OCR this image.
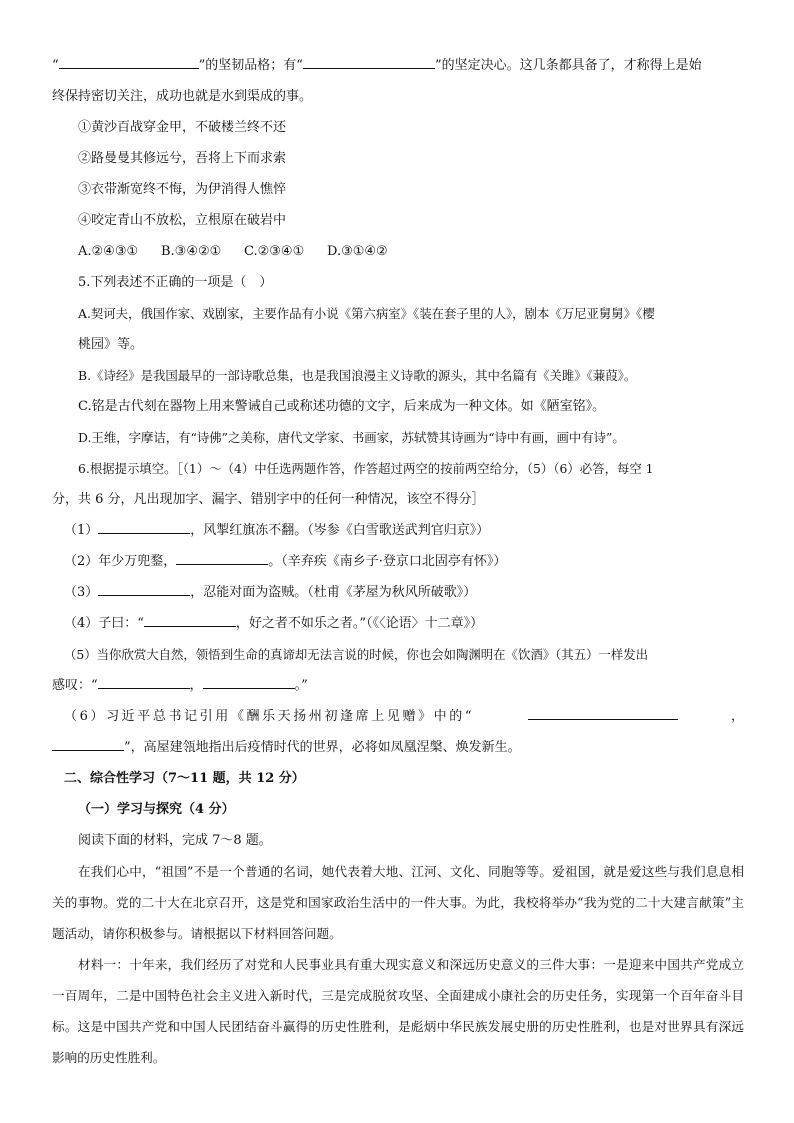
“	”的坚韧品格；有“	”的坚定决心。这几条都具备了，才称得上是始

终保持密切关注，成功也就是水到渠成的事。

①黄沙百战穿金甲，不破楼兰终不还

②路曼曼其修远兮，吾将上下而求索

③衣带渐宽终不悔，为伊消得人憔悴

④咬定青山不放松，立根原在破岩中

A.②④③① B.③④②① C.②③④① D.③①④②

5.下列表述不正确的一项是（　）

A.契诃夫，俄国作家、戏剧家，主要作品有小说《第六病室》《装在套子里的人》，剧本《万尼亚舅舅》《樱

桃园》等。

B.《诗经》是我国最早的一部诗歌总集，也是我国浪漫主义诗歌的源头，其中名篇有《关雎》《蒹葭》。

C.铭是古代刻在器物上用来警诫自己或称述功德的文字，后来成为一种文体。如《陋室铭》。

D.王维，字摩诘，有“诗佛”之美称，唐代文学家、书画家，苏轼赞其诗画为“诗中有画，画中有诗”。

6.根据提示填空。［（1）～（4）中任选两题作答，作答超过两空的按前两空给分，（5）（6）必答，每空 1

分，共 6 分，凡出现加字、漏字、错别字中的任何一种情况，该空不得分］

（1）	，风掣红旗冻不翻。（岑参《白雪歌送武判官归京》）

（2）年少万兜鍪，	。（辛弃疾《南乡子·登京口北固亭有怀》）

（3）	，忍能对面为盗贼。（杜甫《茅屋为秋风所破歌》）

（4）子曰：“	，好之者不如乐之者。”（《〈论语〉十二章》）

（5）当你欣赏大自然，领悟到生命的真谛却无法言说的时候，你也会如陶渊明在《饮酒》（其五）一样发出

感叹：“	，	。”

（6）习近平总书记引用《酬乐天扬州初逢席上见赠》中的“	，

”，高屋建瓴地指出后疫情时代的世界，必将如凤凰涅槃、焕发新生。

二、综合性学习（7～11 题，共 12 分）

（一）学习与探究（4 分）

阅读下面的材料，完成 7～8 题。

在我们心中，“祖国”不是一个普通的名词，她代表着大地、江河、文化、同胞等等。爱祖国，就是爱这些与我们息息相关的事物。党的二十大在北京召开，这是党和国家政治生活中的一件大事。为此，我校将举办“我为党的二十大建言献策”主题活动，请你积极参与。请根据以下材料回答问题。

材料一：十年来，我们经历了对党和人民事业具有重大现实意义和深远历史意义的三件大事：一是迎来中国共产党成立一百周年，二是中国特色社会主义进入新时代，三是完成脱贫攻坚、全面建成小康社会的历史任务，实现第一个百年奋斗目标。这是中国共产党和中国人民团结奋斗赢得的历史性胜利，是彪炳中华民族发展史册的历史性胜利，也是对世界具有深远影响的历史性胜利。
